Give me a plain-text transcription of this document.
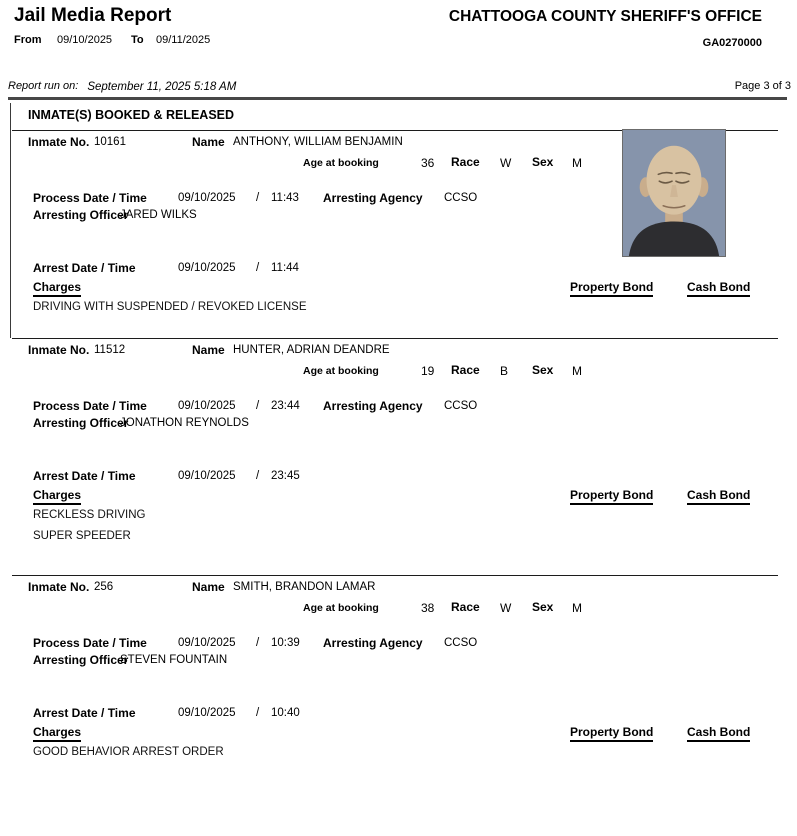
Jail Media Report	CHATTOOGA COUNTY SHERIFF'S OFFICE
From 09/10/2025 To 09/11/2025	GA0270000
Report run on: September 11, 2025 5:18 AM	Page 3 of 3
INMATE(S) BOOKED & RELEASED
Inmate No. 10161	Name ANTHONY, WILLIAM BENJAMIN
Age at booking	36 Race W Sex M
Process Date / Time	09/10/2025 / 11:43 Arresting Agency CCSO
Arresting Officer
JARED WILKS
Arrest Date / Time	09/10/2025 / 11:44
Charges	Property Bond	Cash Bond
DRIVING WITH SUSPENDED / REVOKED LICENSE
Inmate No. 11512	Name HUNTER, ADRIAN DEANDRE
Age at booking	19 Race B Sex M
Process Date / Time	09/10/2025 / 23:44 Arresting Agency CCSO
Arresting Officer
JONATHON REYNOLDS
Arrest Date / Time	09/10/2025 / 23:45
Charges	Property Bond	Cash Bond
RECKLESS DRIVING
SUPER SPEEDER
Inmate No. 256	Name SMITH, BRANDON LAMAR
Age at booking	38 Race W Sex M
Process Date / Time	09/10/2025 / 10:39 Arresting Agency CCSO
Arresting Officer
STEVEN FOUNTAIN
Arrest Date / Time	09/10/2025 / 10:40
Charges	Property Bond	Cash Bond
GOOD BEHAVIOR ARREST ORDER
